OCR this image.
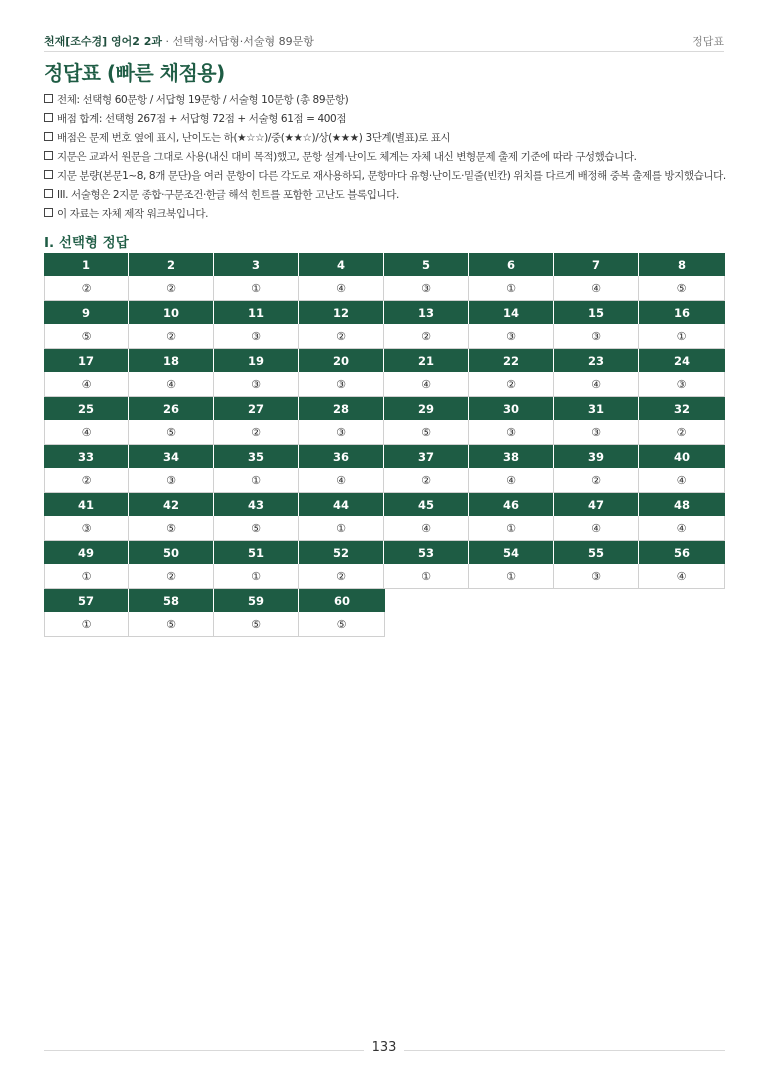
천재[조수경] 영어2 2과 · 선택형·서답형·서술형 89문항	정답표
정답표 (빠른 채점용)
전체: 선택형 60문항 / 서답형 19문항 / 서술형 10문항 (총 89문항)
배점 합계: 선택형 267점 + 서답형 72점 + 서술형 61점 = 400점
배점은 문제 번호 옆에 표시, 난이도는 하(★☆☆)/중(★★☆)/상(★★★) 3단계(별표)로 표시
지문은 교과서 원문을 그대로 사용(내신 대비 목적)했고, 문항 설계·난이도 체계는 자체 내신 변형문제 출제 기준에 따라 구성했습니다.
지문 분량(본문1~8, 8개 문단)을 여러 문항이 다른 각도로 재사용하되, 문항마다 유형·난이도·밑줄(빈칸) 위치를 다르게 배정해 중복 출제를 방지했습니다.
III. 서술형은 2지문 종합·구문조건·한글 해석 힌트를 포함한 고난도 블록입니다.
이 자료는 자체 제작 워크북입니다.
I. 선택형 정답
1	2	3	4	5	6	7	8
②	②	①	④	③	①	④	⑤
9	10	11	12	13	14	15	16
⑤	②	③	②	②	③	③	①
17	18	19	20	21	22	23	24
④	④	③	③	④	②	④	③
25	26	27	28	29	30	31	32
④	⑤	②	③	⑤	③	③	②
33	34	35	36	37	38	39	40
②	③	①	④	②	④	②	④
41	42	43	44	45	46	47	48
③	⑤	⑤	①	④	①	④	④
49	50	51	52	53	54	55	56
①	②	①	②	①	①	③	④
57	58	59	60
①	⑤	⑤	⑤
133
